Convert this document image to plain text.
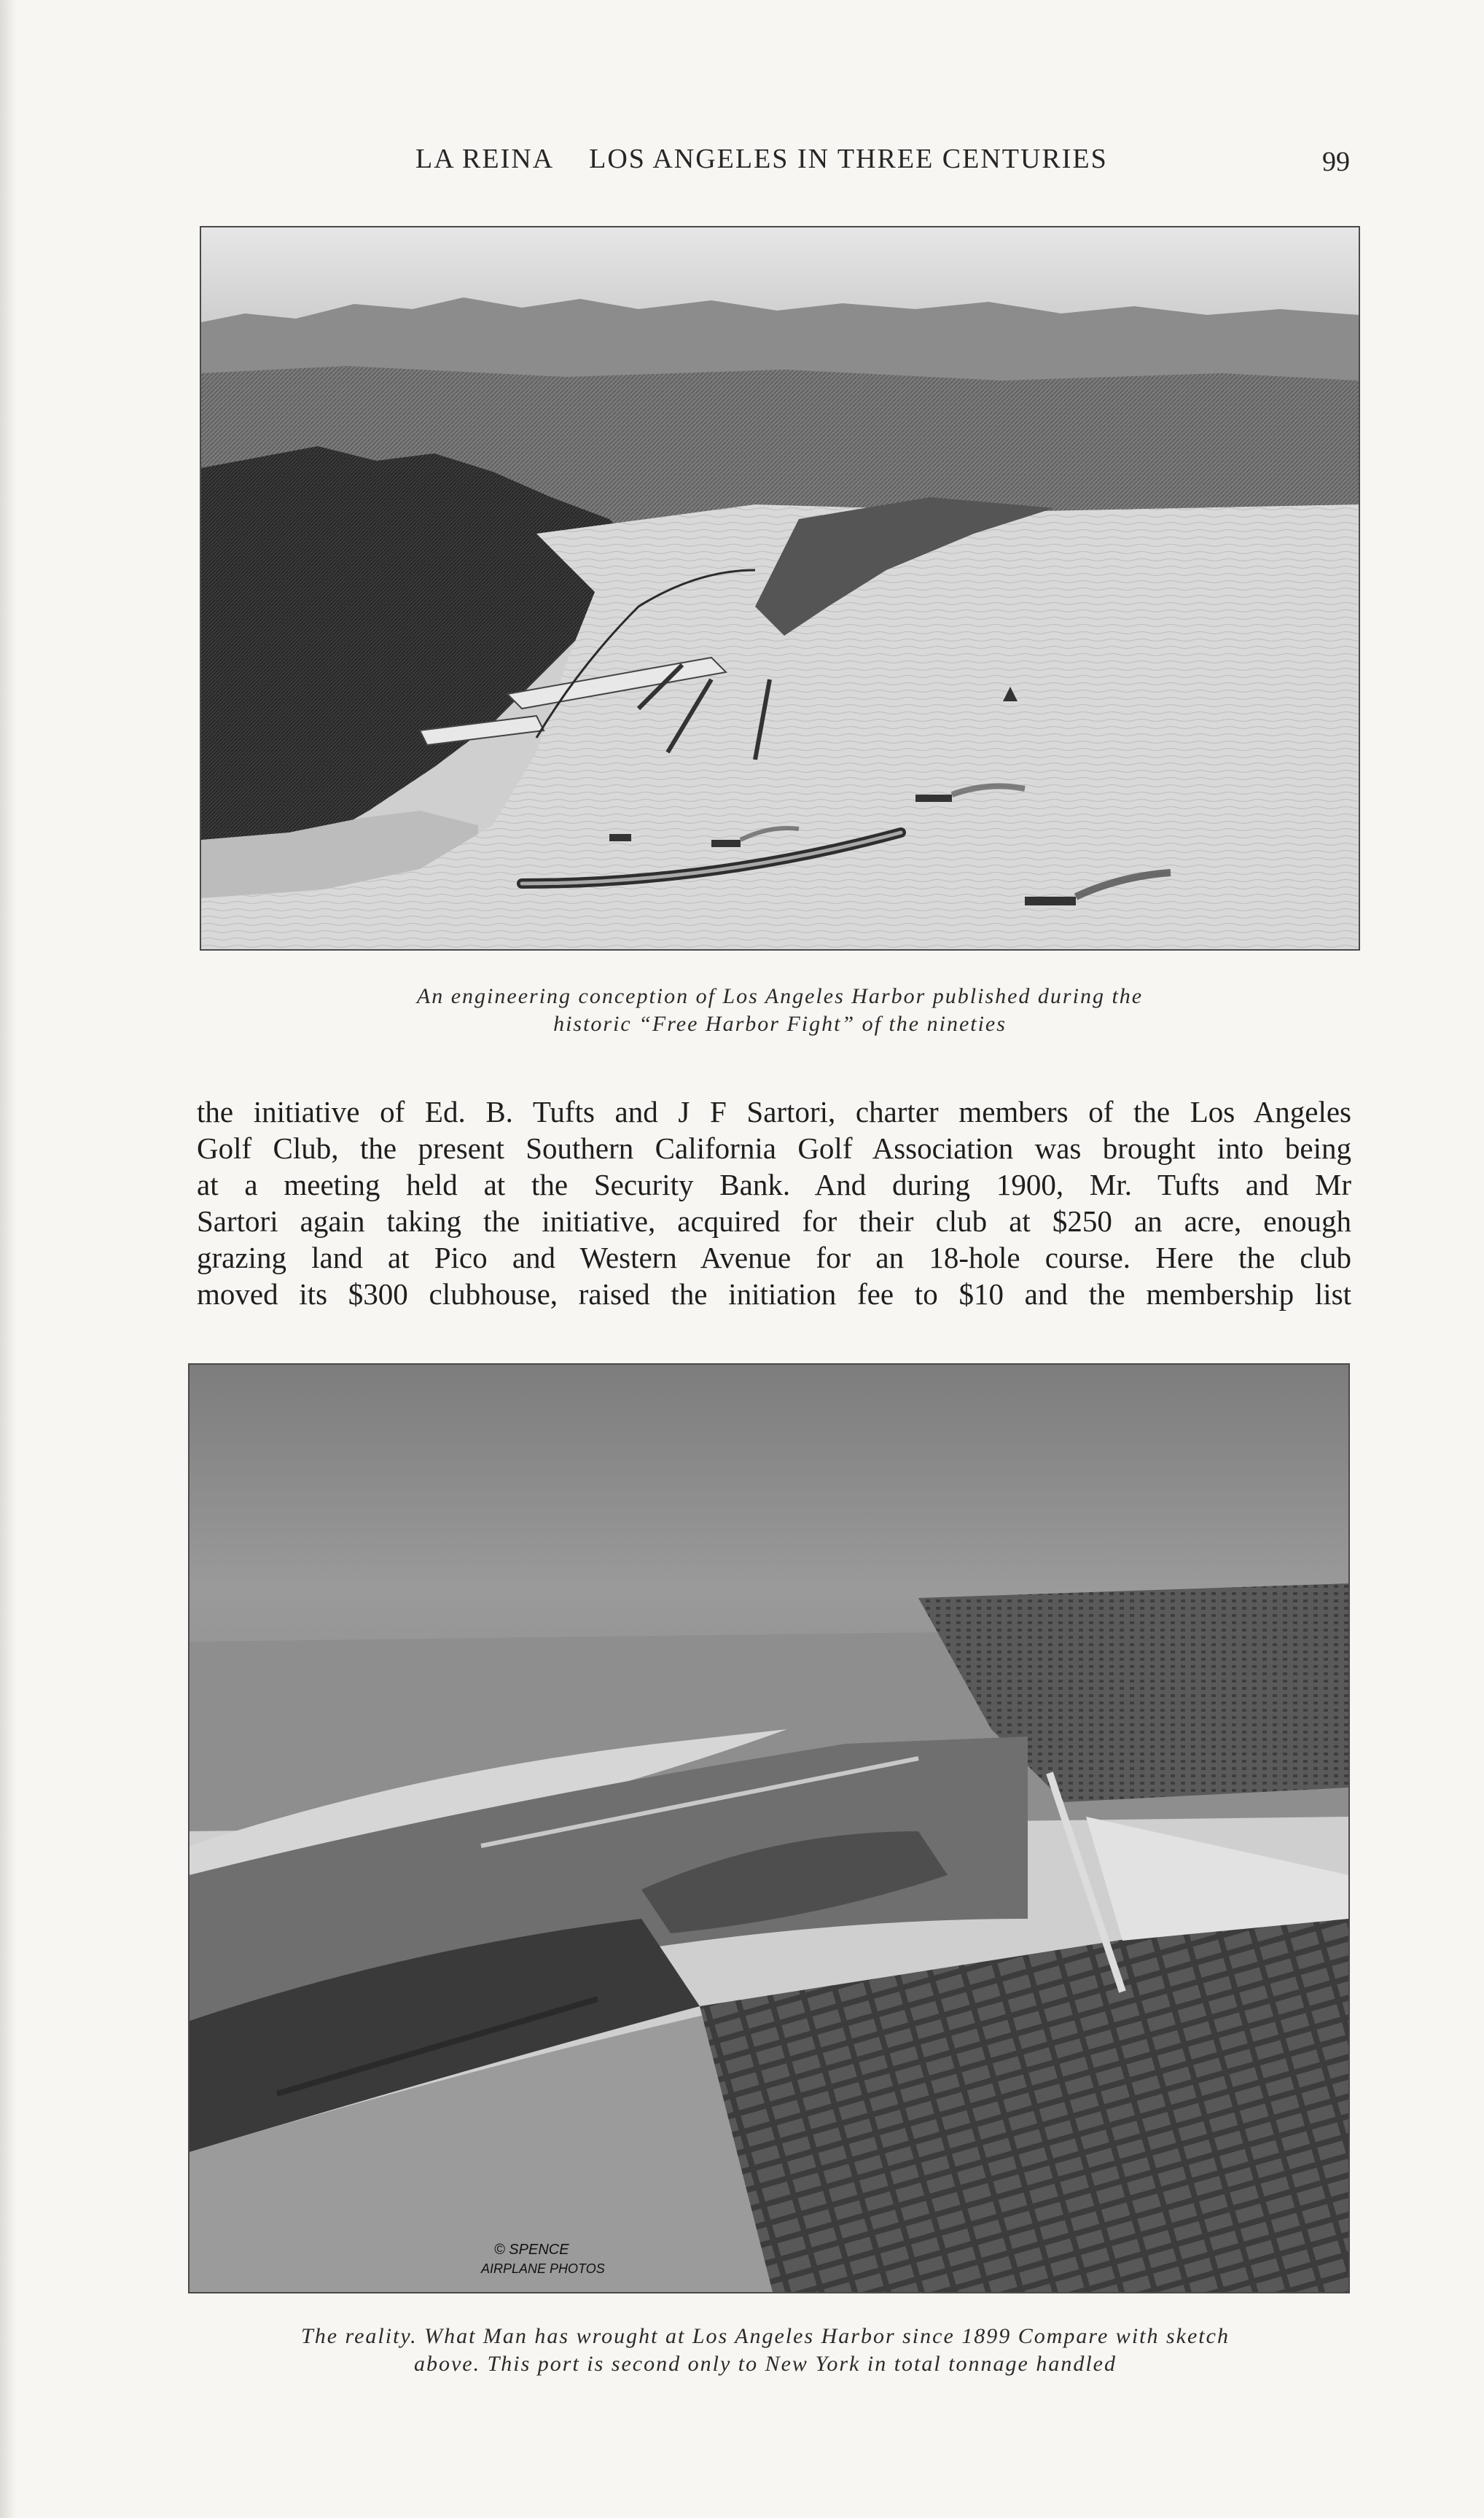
LA REINA LOS ANGELES IN THREE CENTURIES	99
An engineering conception of Los Angeles Harbor published during the
historic “Free Harbor Fight” of the nineties
the initiative of Ed. B. Tufts and J F Sartori, charter members of the Los Angeles
Golf Club, the present Southern California Golf Association was brought into being
at a meeting held at the Security Bank. And during 1900, Mr. Tufts and Mr
Sartori again taking the initiative, acquired for their club at $250 an acre, enough
grazing land at Pico and Western Avenue for an 18-hole course. Here the club
moved its $300 clubhouse, raised the initiation fee to $10 and the membership list
© SPENCE
AIRPLANE PHOTOS
The reality. What Man has wrought at Los Angeles Harbor since 1899 Compare with sketch
above. This port is second only to New York in total tonnage handled
